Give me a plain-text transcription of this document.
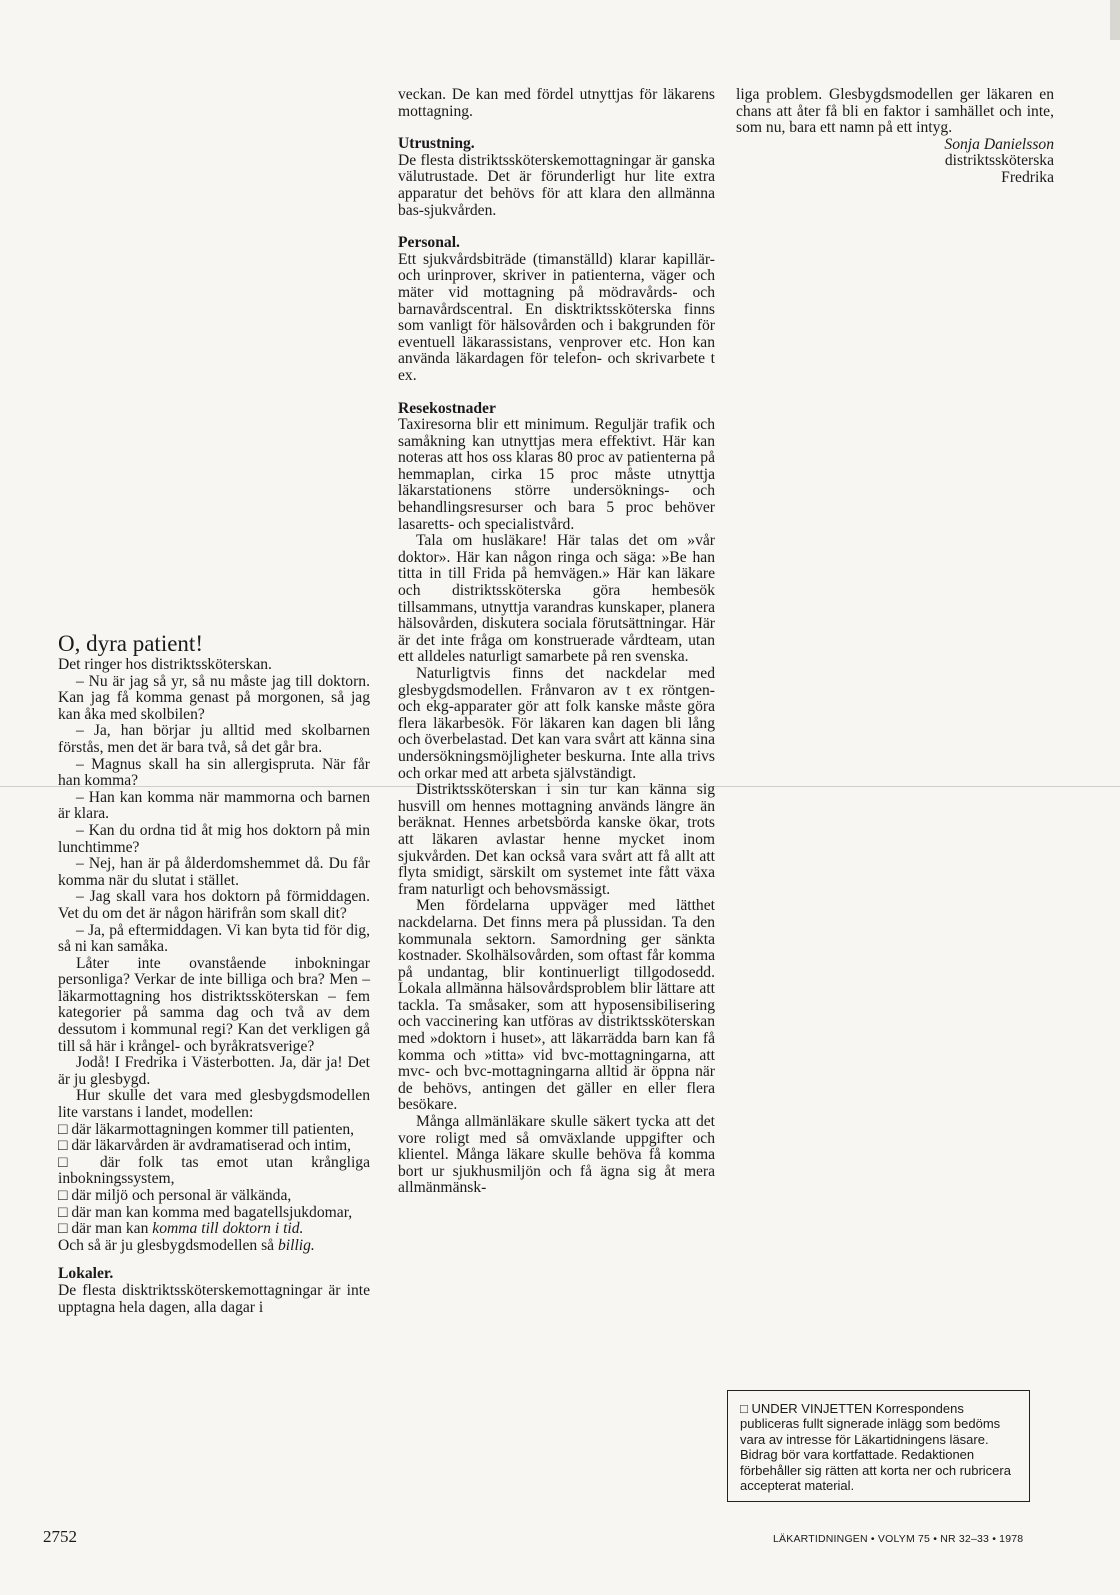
veckan. De kan med fördel utnyttjas för läkarens mottagning.

Utrustning.

De flesta distriktssköterskemottagningar är ganska välutrustade. Det är förunderligt hur lite extra apparatur det behövs för att klara den allmänna bas-sjukvården.

Personal.

Ett sjukvårdsbiträde (timanställd) klarar kapillär- och urinprover, skriver in patienterna, väger och mäter vid mottagning på mödravårds- och barnavårdscentral. En disktriktssköterska finns som vanligt för hälsovården och i bakgrunden för eventuell läkarassistans, venprover etc. Hon kan använda läkardagen för telefon- och skrivarbete t ex.

Resekostnader

Taxiresorna blir ett minimum. Reguljär trafik och samåkning kan utnyttjas mera effektivt. Här kan noteras att hos oss klaras 80 proc av patienterna på hemmaplan, cirka 15 proc måste utnyttja läkarstationens större undersöknings- och behandlingsresurser och bara 5 proc behöver lasaretts- och specialistvård.

Tala om husläkare! Här talas det om »vår doktor». Här kan någon ringa och säga: »Be han titta in till Frida på hemvägen.» Här kan läkare och distriktssköterska göra hembesök tillsammans, utnyttja varandras kunskaper, planera hälsovården, diskutera sociala förutsättningar. Här är det inte fråga om konstruerade vårdteam, utan ett alldeles naturligt samarbete på ren svenska.

Naturligtvis finns det nackdelar med glesbygdsmodellen. Frånvaron av t ex röntgen- och ekg-apparater gör att folk kanske måste göra flera läkarbesök. För läkaren kan dagen bli lång och överbelastad. Det kan vara svårt att känna sina undersökningsmöjligheter beskurna. Inte alla trivs och orkar med att arbeta självständigt.

Distriktssköterskan i sin tur kan känna sig husvill om hennes mottagning används längre än beräknat. Hennes arbetsbörda kanske ökar, trots att läkaren avlastar henne mycket inom sjukvården. Det kan också vara svårt att få allt att flyta smidigt, särskilt om systemet inte fått växa fram naturligt och behovsmässigt.

Men fördelarna uppväger med lätthet nackdelarna. Det finns mera på plussidan. Ta den kommunala sektorn. Samordning ger sänkta kostnader. Skolhälsovården, som oftast får komma på undantag, blir kontinuerligt tillgodosedd. Lokala allmänna hälsovårdsproblem blir lättare att tackla. Ta småsaker, som att hyposensibilisering och vaccinering kan utföras av distriktssköterskan med »doktorn i huset», att läkarrädda barn kan få komma och »titta» vid bvc-mottagningarna, att mvc- och bvc-mottagningarna alltid är öppna när de behövs, antingen det gäller en eller flera besökare.

Många allmänläkare skulle säkert tycka att det vore roligt med så omväxlande uppgifter och klientel. Många läkare skulle behöva få komma bort ur sjukhusmiljön och få ägna sig åt mera allmänmänsk-

liga problem. Glesbygdsmodellen ger läkaren en chans att åter få bli en faktor i samhället och inte, som nu, bara ett namn på ett intyg.

Sonja Danielsson

distriktssköterska

Fredrika

O, dyra patient!

Det ringer hos distriktssköterskan.

– Nu är jag så yr, så nu måste jag till doktorn. Kan jag få komma genast på morgonen, så jag kan åka med skolbilen?

– Ja, han börjar ju alltid med skolbarnen förstås, men det är bara två, så det går bra.

– Magnus skall ha sin allergispruta. När får han komma?

– Han kan komma när mammorna och barnen är klara.

– Kan du ordna tid åt mig hos doktorn på min lunchtimme?

– Nej, han är på ålderdomshemmet då. Du får komma när du slutat i stället.

– Jag skall vara hos doktorn på förmiddagen. Vet du om det är någon härifrån som skall dit?

– Ja, på eftermiddagen. Vi kan byta tid för dig, så ni kan samåka.

Låter inte ovanstående inbokningar personliga? Verkar de inte billiga och bra? Men – läkarmottagning hos distriktssköterskan – fem kategorier på samma dag och två av dem dessutom i kommunal regi? Kan det verkligen gå till så här i krångel- och byråkratsverige?

Jodå! I Fredrika i Västerbotten. Ja, där ja! Det är ju glesbygd.

Hur skulle det vara med glesbygdsmodellen lite varstans i landet, modellen:

□ där läkarmottagningen kommer till patienten,

□ där läkarvården är avdramatiserad och intim,

□ där folk tas emot utan krångliga inbokningssystem,

□ där miljö och personal är välkända,

□ där man kan komma med bagatellsjukdomar,

□ där man kan komma till doktorn i tid.

Och så är ju glesbygdsmodellen så billig.

Lokaler.

De flesta disktriktssköterskemottagningar är inte upptagna hela dagen, alla dagar i

□ UNDER VINJETTEN Korrespondens publiceras fullt signerade inlägg som bedöms vara av intresse för Läkartidningens läsare. Bidrag bör vara kortfattade. Redaktionen förbehåller sig rätten att korta ner och rubricera accepterat material.
2752	LÄKARTIDNINGEN • VOLYM 75 • NR 32–33 • 1978
